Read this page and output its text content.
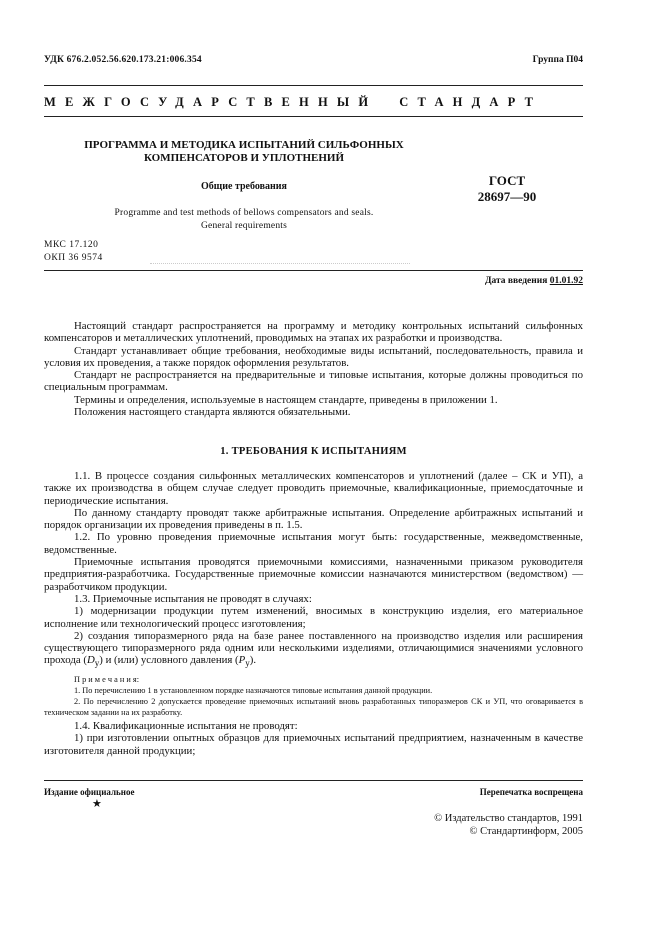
УДК 676.2.052.56.620.173.21:006.354	Группа П04
МЕЖГОСУДАРСТВЕННЫЙ СТАНДАРТ
ПРОГРАММА И МЕТОДИКА ИСПЫТАНИЙ СИЛЬФОННЫХ
КОМПЕНСАТОРОВ И УПЛОТНЕНИЙ
Общие требования	ГОСТ
28697—90
Programme and test methods of bellows compensators and seals.
General requirements
МКС 17.120
ОКП 36 9574
Дата введения 01.01.92

Настоящий стандарт распространяется на программу и методику контрольных испытаний сильфонных компенсаторов и металлических уплотнений, проводимых на этапах их разработки и производства.

Стандарт устанавливает общие требования, необходимые виды испытаний, последовательность, правила и условия их проведения, а также порядок оформления результатов.

Стандарт не распространяется на предварительные и типовые испытания, которые должны проводиться по специальным программам.

Термины и определения, используемые в настоящем стандарте, приведены в приложении 1.

Положения настоящего стандарта являются обязательными.

1. ТРЕБОВАНИЯ К ИСПЫТАНИЯМ

1.1. В процессе создания сильфонных металлических компенсаторов и уплотнений (далее – СК и УП), а также их производства в общем случае следует проводить приемочные, квалификационные, приемосдаточные и периодические испытания.

По данному стандарту проводят также арбитражные испытания. Определение арбитражных испытаний и порядок организации их проведения приведены в п. 1.5.

1.2. По уровню проведения приемочные испытания могут быть: государственные, межведомственные, ведомственные.

Приемочные испытания проводятся приемочными комиссиями, назначенными приказом руководителя предприятия-разработчика. Государственные приемочные комиссии назначаются министерством (ведомством) — разработчиком продукции.

1.3. Приемочные испытания не проводят в случаях:

1) модернизации продукции путем изменений, вносимых в конструкцию изделия, его материальное исполнение или технологический процесс изготовления;

2) создания типоразмерного ряда на базе ранее поставленного на производство изделия или расширения существующего типоразмерного ряда одним или несколькими изделиями, отличающимися значениями условного прохода $(D_y)$ и (или) условного давления $(P_y)$.

П р и м е ч а н и я:

1. По перечислению 1 в установленном порядке назначаются типовые испытания данной продукции.

2. По перечислению 2 допускается проведение приемочных испытаний вновь разработанных типоразмеров СК и УП, что оговаривается в техническом задании на их разработку.

1.4. Квалификационные испытания не проводят:

1) при изготовлении опытных образцов для приемочных испытаний предприятием, назначенным в качестве изготовителя данной продукции;

Издание официальное	Перепечатка воспрещена
★
© Издательство стандартов, 1991
© Стандартинформ, 2005
